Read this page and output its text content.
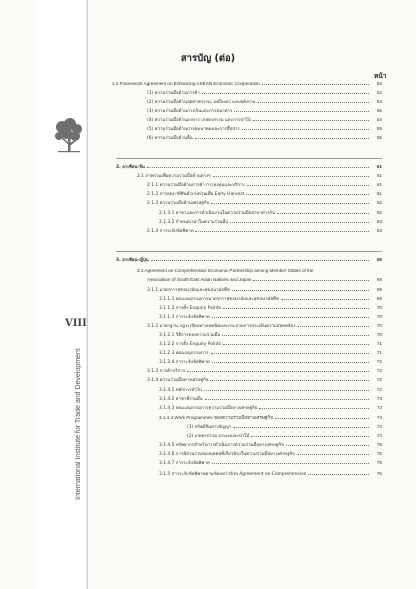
VIII
International Institute for Trade and Development
สารบัญ (ต่อ)
หน้า
1.2 Framework Agreement on Enhancing ASEAN Economic Cooperation	53
(1) ความร่วมมือด้านการค้า	54
(2) ความร่วมมือด้านอุตสาหกรรม, เหมืองแร่ และพลังงาน	54
(3) ความร่วมมือด้านการเงินและการธนาคาร	56
(4) ความร่วมมือด้านอาหาร เกษตรกรรม และการป่าไม้	54
(5) ความร่วมมือด้านการคมนาคมและการสื่อสาร	55
(6) ความร่วมมือด้านอื่น	55
2. อาเซียน-จีน	61
2.1 ภาพรวมเพื่อความร่วมมือด้านต่างๆ	61
2.1.1 ความร่วมมือด้านการค้า การลงทุนและบริการ	61
2.1.2 การลดภาษีสินค้าเร่งด่วนเพื่อ Early Harvest	61
2.1.3 ความร่วมมือด้านเศรษฐกิจ	62
2.1.3.1 สาขาและการดำเนินงานในความร่วมมือสาขาต่างกัน	62
2.1.3.2 กำหนดเวลาในความร่วมมือ	63
2.1.4 การระงับข้อพิพาท	63
3. อาเซียน-ญี่ปุ่น	69
3.1 Agreement on Comprehensive Economic Partnership among Member States of the
Association of South East Asian Nations and Japan	69
3.1.1 มาตรการสุขอนามัยและสุขอนามัยพืช	69
3.1.1.1 คณะอนุกรรมการมาตรการสุขอนามัยและสุขอนามัยพืช	69
3.1.1.2 การตั้ง Enquiry Points	70
3.1.1.3 การระงับข้อพิพาท	70
3.1.2 มาตรฐาน กฎระเบียบทางเทคนิคและกระบวนการประเมินความสอดคล้อง	70
3.1.2.1 วิธีการของความร่วมมือ	70
3.1.2.2 การตั้ง Enquiry Points	71
3.1.2.3 คณะอนุกรรมการ	71
3.1.2.4 การระงับข้อพิพาท	72
3.1.3 การค้าบริการ	72
3.1.4 ความร่วมมือทางเศรษฐกิจ	72
3.1.4.1 หลักการทั่วไป	72
3.1.4.2 สาขาที่ร่วมมือ	73
3.1.4.3 คณะอนุกรรมการความร่วมมือทางเศรษฐกิจ	73
3.1.4.4 Work Programmes ของความร่วมมือทางเศรษฐกิจ	74
(1) ทรัพย์สินทางปัญญา	74
(2) เกษตรกรรม ประมงและป่าไม้	74
3.1.4.5 ทรัพยากรสำหรับการดำเนินการความร่วมมือทางเศรษฐกิจ	75
3.1.4.6 การมีส่วนร่วมของบุคคลที่เกี่ยวข้องในความร่วมมือทางเศรษฐกิจ	75
3.1.4.7 การระงับข้อพิพาท	75
3.1.5 การระงับข้อพิพาทตามข้อบทว่าด้วย Agreement on Comprehensive	76
